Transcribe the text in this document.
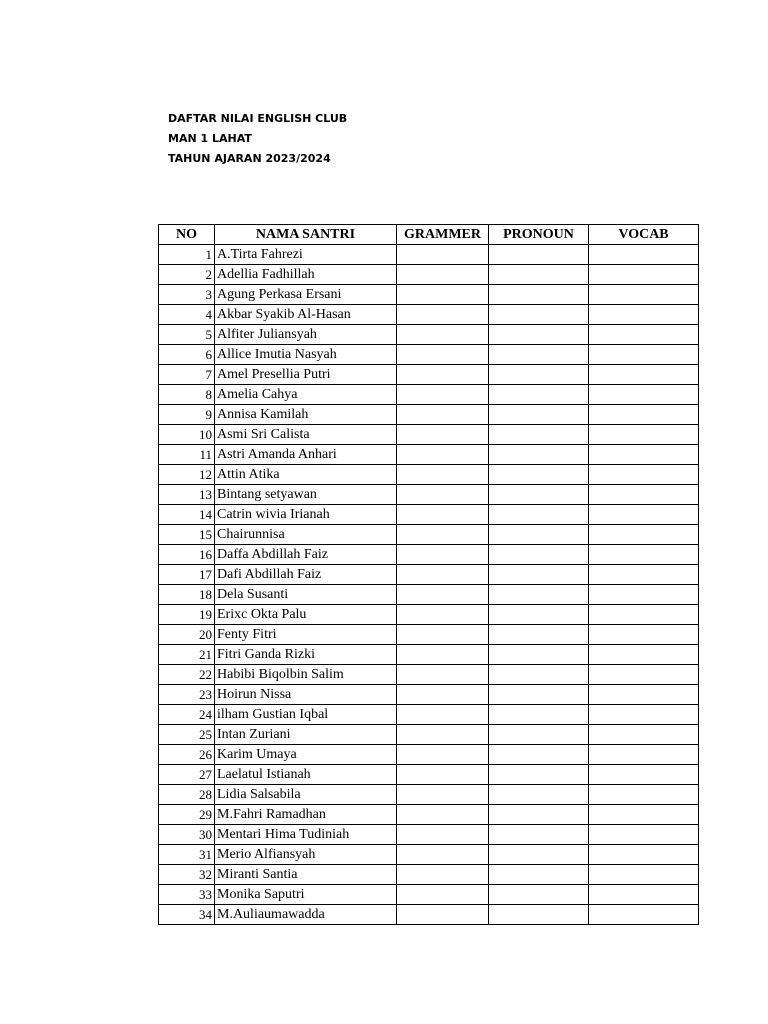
DAFTAR NILAI ENGLISH CLUB
MAN 1 LAHAT
TAHUN AJARAN 2023/2024
NO	NAMA SANTRI	GRAMMER	PRONOUN	VOCAB
1	A.Tirta Fahrezi			
2	Adellia Fadhillah			
3	Agung Perkasa Ersani			
4	Akbar Syakib Al-Hasan			
5	Alfiter Juliansyah			
6	Allice Imutia Nasyah			
7	Amel Presellia Putri			
8	Amelia Cahya			
9	Annisa Kamilah			
10	Asmi Sri Calista			
11	Astri Amanda Anhari			
12	Attin Atika			
13	Bintang setyawan			
14	Catrin wivia Irianah			
15	Chairunnisa			
16	Daffa Abdillah Faiz			
17	Dafi Abdillah Faiz			
18	Dela Susanti			
19	Erixc Okta Palu			
20	Fenty Fitri			
21	Fitri Ganda Rizki			
22	Habibi Biqolbin Salim			
23	Hoirun Nissa			
24	ilham Gustian Iqbal			
25	Intan Zuriani			
26	Karim Umaya			
27	Laelatul Istianah			
28	Lidia Salsabila			
29	M.Fahri Ramadhan			
30	Mentari Hima Tudiniah			
31	Merio Alfiansyah			
32	Miranti Santia			
33	Monika Saputri			
34	M.Auliaumawadda			
